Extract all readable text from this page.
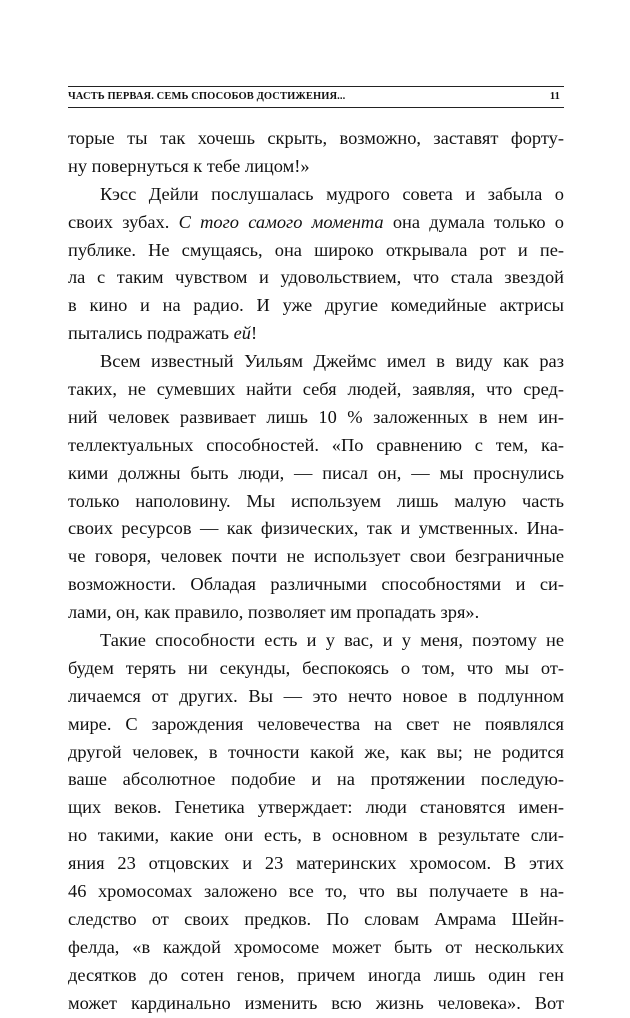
ЧАСТЬ ПЕРВАЯ. СЕМЬ СПОСОБОВ ДОСТИЖЕНИЯ...	11
торые ты так хочешь скрыть, возможно, заставят форту-
ну повернуться к тебе лицом!»
Кэсс Дейли послушалась мудрого совета и забыла о
своих зубах. С того самого момента она думала только о
публике. Не смущаясь, она широко открывала рот и пе-
ла с таким чувством и удовольствием, что стала звездой
в кино и на радио. И уже другие комедийные актрисы
пытались подражать ей!
Всем известный Уильям Джеймс имел в виду как раз
таких, не сумевших найти себя людей, заявляя, что сред-
ний человек развивает лишь 10 % заложенных в нем ин-
теллектуальных способностей. «По сравнению с тем, ка-
кими должны быть люди, — писал он, — мы проснулись
только наполовину. Мы используем лишь малую часть
своих ресурсов — как физических, так и умственных. Ина-
че говоря, человек почти не использует свои безграничные
возможности. Обладая различными способностями и си-
лами, он, как правило, позволяет им пропадать зря».
Такие способности есть и у вас, и у меня, поэтому не
будем терять ни секунды, беспокоясь о том, что мы от-
личаемся от других. Вы — это нечто новое в подлунном
мире. С зарождения человечества на свет не появлялся
другой человек, в точности какой же, как вы; не родится
ваше абсолютное подобие и на протяжении последую-
щих веков. Генетика утверждает: люди становятся имен-
но такими, какие они есть, в основном в результате сли-
яния 23 отцовских и 23 материнских хромосом. В этих
46 хромосомах заложено все то, что вы получаете в на-
следство от своих предков. По словам Амрама Шейн-
фелда, «в каждой хромосоме может быть от нескольких
десятков до сотен генов, причем иногда лишь один ген
может кардинально изменить всю жизнь человека». Вот
